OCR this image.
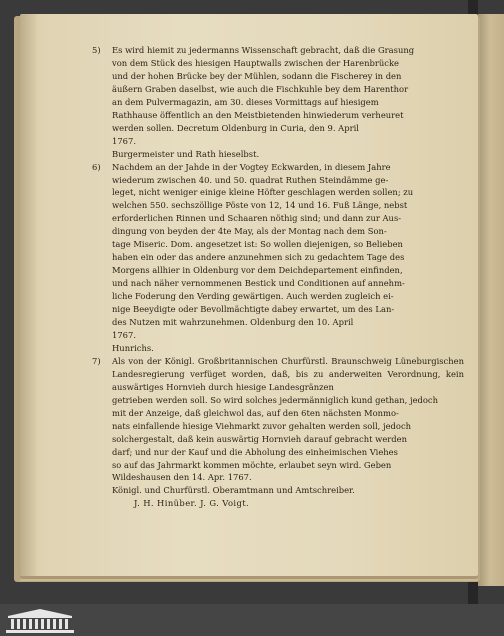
5) Es wird hiemit zu jedermanns Wissenschaft gebracht, daß die Grasung
von dem Stück des hiesigen Hauptwalls zwischen der Harenbrücke
und der hohen Brücke bey der Mühlen, sodann die Fischerey in den
äußern Graben daselbst, wie auch die Fischkuhle bey dem Harenthor
an dem Pulvermagazin, am 30. dieses Vormittags auf hiesigem
Rathhause öffentlich an den Meistbietenden hinwiederum verheuret
werden sollen. Decretum Oldenburg in Curia, den 9. April
1767.

Burgermeister und Rath hieselbst.

6) Nachdem an der Jahde in der Vogtey Eckwarden, in diesem Jahre
wiederum zwischen 40. und 50. quadrat Ruthen Steindämme ge-
leget, nicht weniger einige kleine Höfter geschlagen werden sollen; zu
welchen 550. sechszöllige Pöste von 12, 14 und 16. Fuß Länge, nebst
erforderlichen Rinnen und Schaaren nöthig sind; und dann zur Aus-
dingung von beyden der 4te May, als der Montag nach dem Son-
tage Miseric. Dom. angesetzet ist: So wollen diejenigen, so Belieben
haben ein oder das andere anzunehmen sich zu gedachtem Tage des
Morgens allhier in Oldenburg vor dem Deichdepartement einfinden,
und nach näher vernommenen Bestick und Conditionen auf annehm-
liche Foderung den Verding gewärtigen. Auch werden zugleich ei-
nige Beeydigte oder Bevollmächtigte dabey erwartet, um des Lan-
des Nutzen mit wahrzunehmen. Oldenburg den 10. April
1767.

Hunrichs.

7) Als von der Königl. Großbritannischen Churfürstl. Braunschweig Lüneburgischen Landesregierung verfüget worden, daß, bis zu anderweiten Verordnung, kein auswärtiges Hornvieh durch hiesige Landesgränzen
getrieben werden soll. So wird solches jedermänniglich kund gethan, jedoch
mit der Anzeige, daß gleichwol das, auf den 6ten nächsten Monmo-
nats einfallende hiesige Viehmarkt zuvor gehalten werden soll, jedoch
solchergestalt, daß kein auswärtig Hornvieh darauf gebracht werden
darf; und nur der Kauf und die Abholung des einheimischen Viehes
so auf das Jahrmarkt kommen möchte, erlaubet seyn wird. Geben
Wildeshausen den 14. Apr. 1767.

Königl. und Churfürstl. Oberamtmann und Amtschreiber.

J. H. Hinüber. J. G. Voigt.
